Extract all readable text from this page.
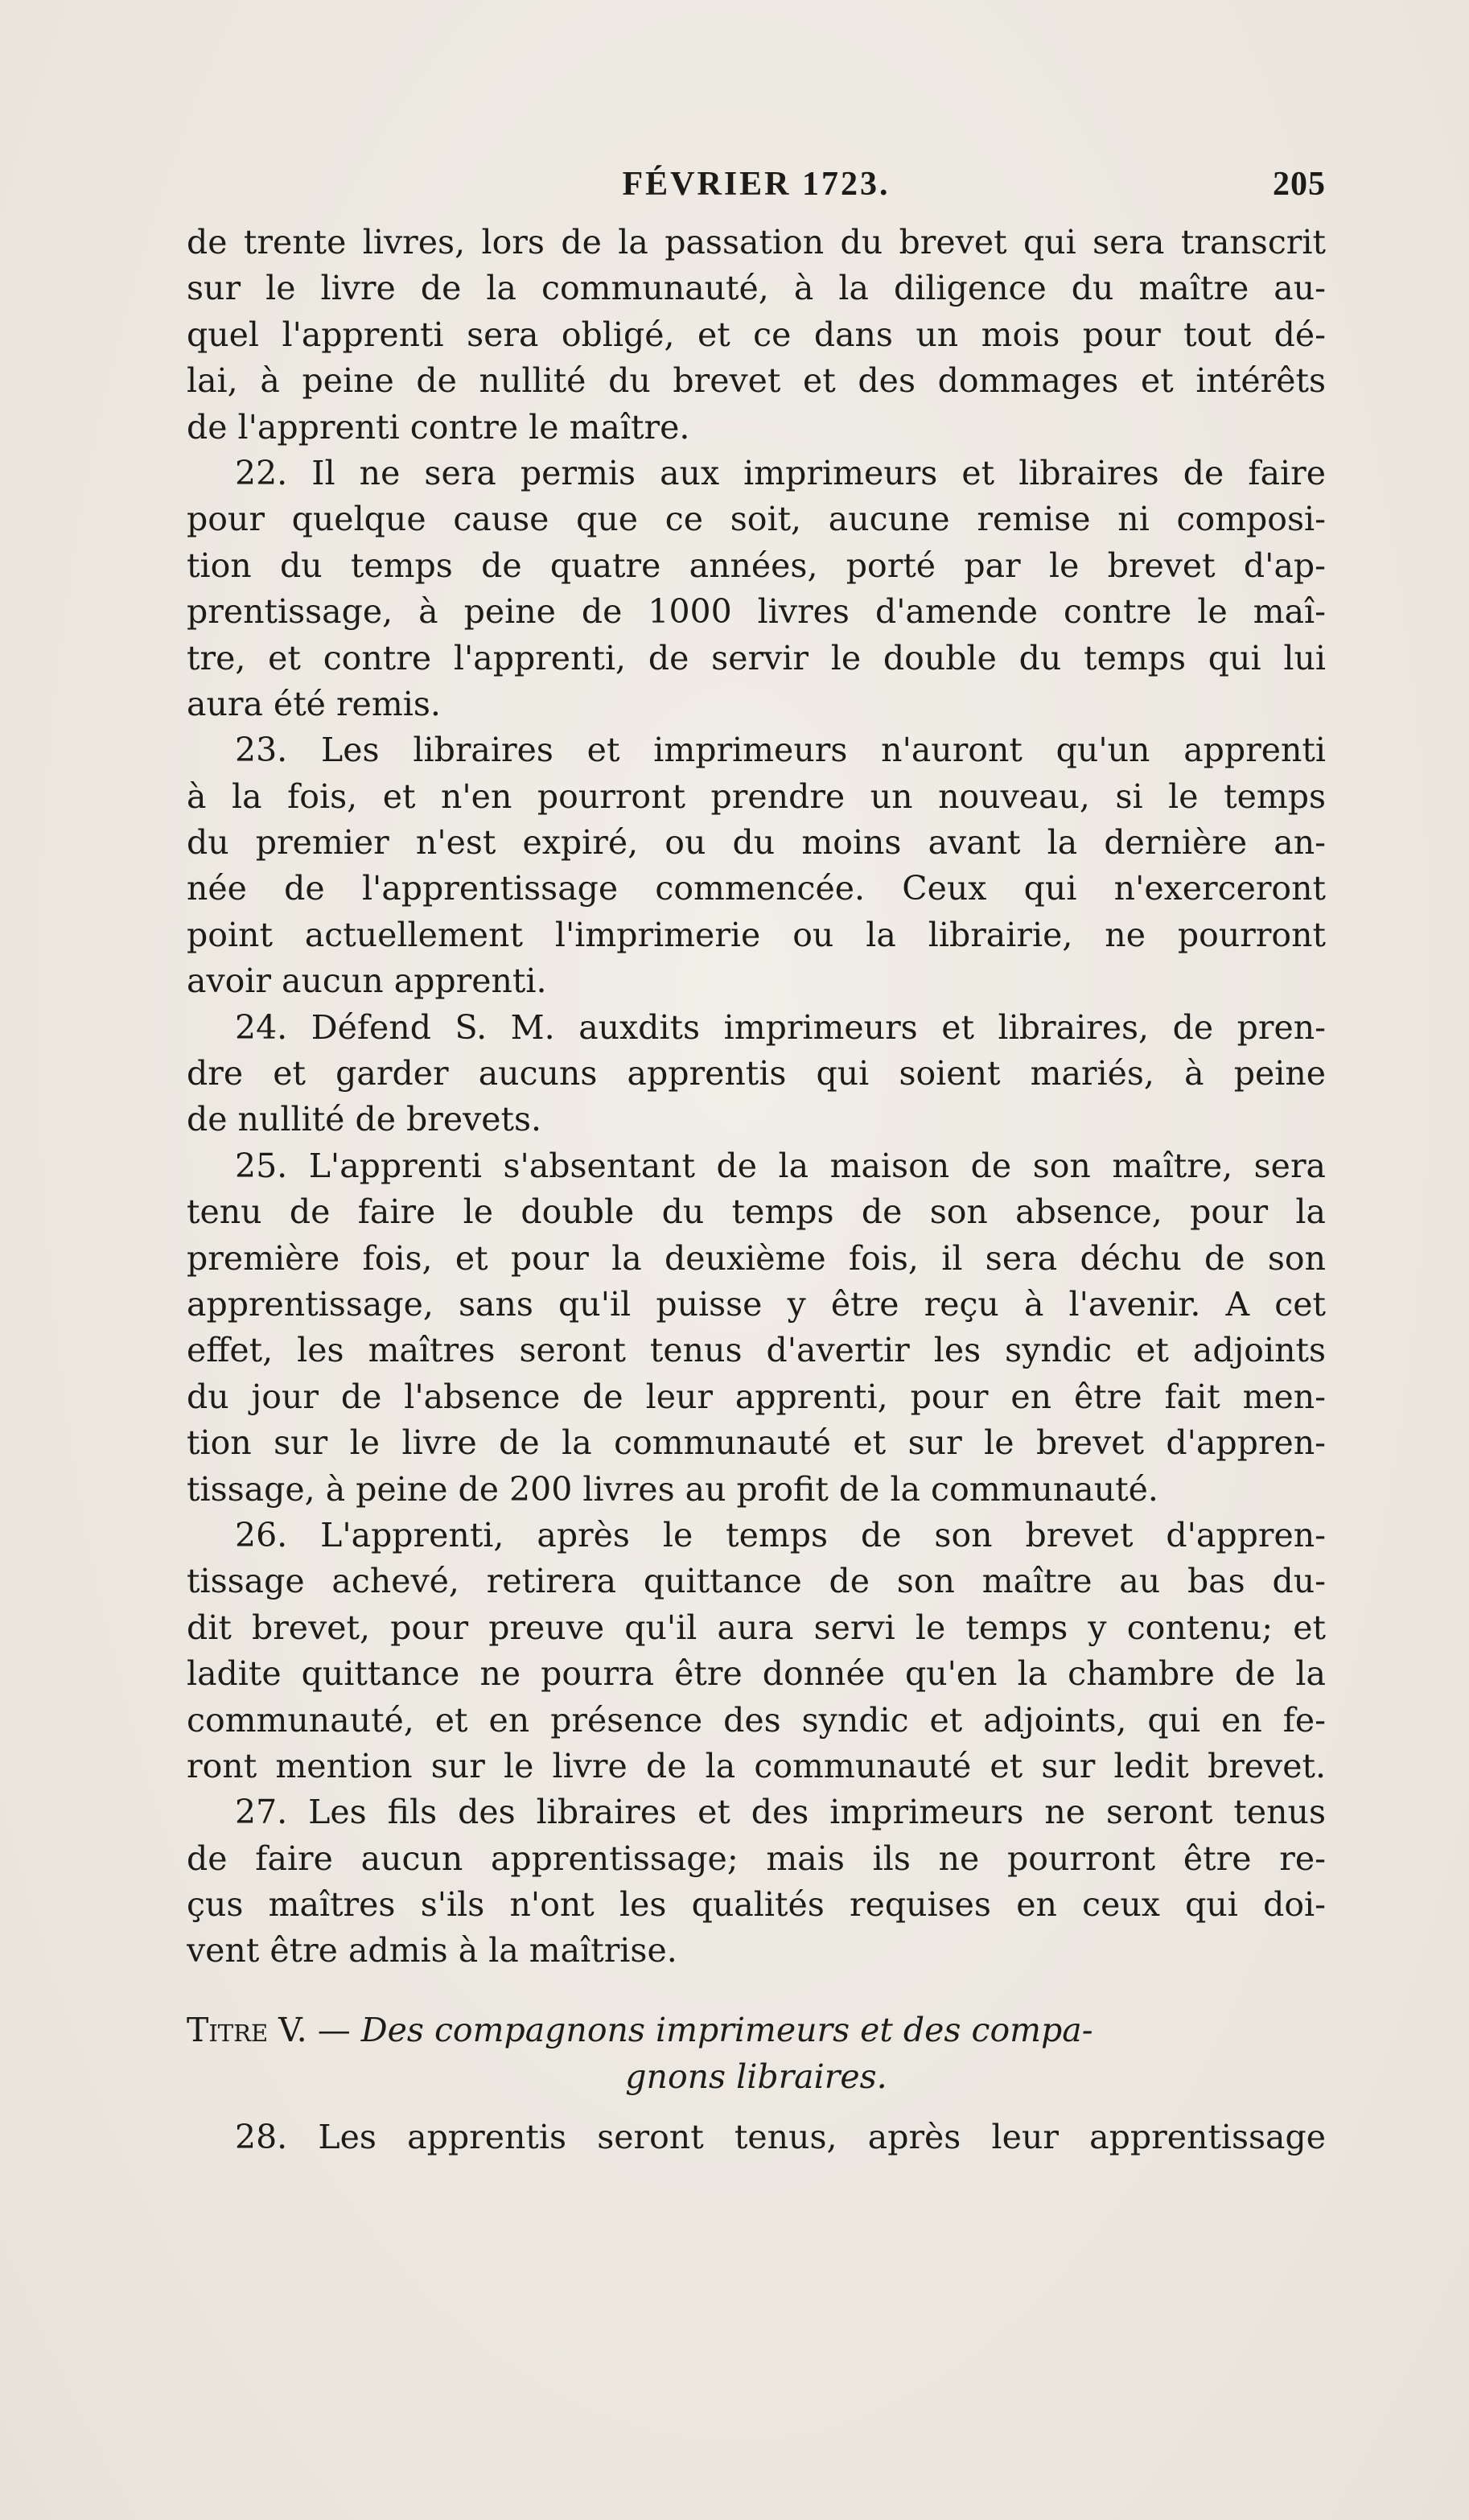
FÉVRIER 1723.	205
de trente livres, lors de la passation du brevet qui sera transcrit
sur le livre de la communauté, à la diligence du maître au-
quel l'apprenti sera obligé, et ce dans un mois pour tout dé-
lai, à peine de nullité du brevet et des dommages et intérêts
de l'apprenti contre le maître.
22. Il ne sera permis aux imprimeurs et libraires de faire
pour quelque cause que ce soit, aucune remise ni composi-
tion du temps de quatre années, porté par le brevet d'ap-
prentissage, à peine de 1000 livres d'amende contre le maî-
tre, et contre l'apprenti, de servir le double du temps qui lui
aura été remis.
23. Les libraires et imprimeurs n'auront qu'un apprenti
à la fois, et n'en pourront prendre un nouveau, si le temps
du premier n'est expiré, ou du moins avant la dernière an-
née de l'apprentissage commencée. Ceux qui n'exerceront
point actuellement l'imprimerie ou la librairie, ne pourront
avoir aucun apprenti.
24. Défend S. M. auxdits imprimeurs et libraires, de pren-
dre et garder aucuns apprentis qui soient mariés, à peine
de nullité de brevets.
25. L'apprenti s'absentant de la maison de son maître, sera
tenu de faire le double du temps de son absence, pour la
première fois, et pour la deuxième fois, il sera déchu de son
apprentissage, sans qu'il puisse y être reçu à l'avenir. A cet
effet, les maîtres seront tenus d'avertir les syndic et adjoints
du jour de l'absence de leur apprenti, pour en être fait men-
tion sur le livre de la communauté et sur le brevet d'appren-
tissage, à peine de 200 livres au profit de la communauté.
26. L'apprenti, après le temps de son brevet d'appren-
tissage achevé, retirera quittance de son maître au bas du-
dit brevet, pour preuve qu'il aura servi le temps y contenu; et
ladite quittance ne pourra être donnée qu'en la chambre de la
communauté, et en présence des syndic et adjoints, qui en fe-
ront mention sur le livre de la communauté et sur ledit brevet.
27. Les fils des libraires et des imprimeurs ne seront tenus
de faire aucun apprentissage; mais ils ne pourront être re-
çus maîtres s'ils n'ont les qualités requises en ceux qui doi-
vent être admis à la maîtrise.
Titre V. — Des compagnons imprimeurs et des compa-
gnons libraires.
28. Les apprentis seront tenus, après leur apprentissage
